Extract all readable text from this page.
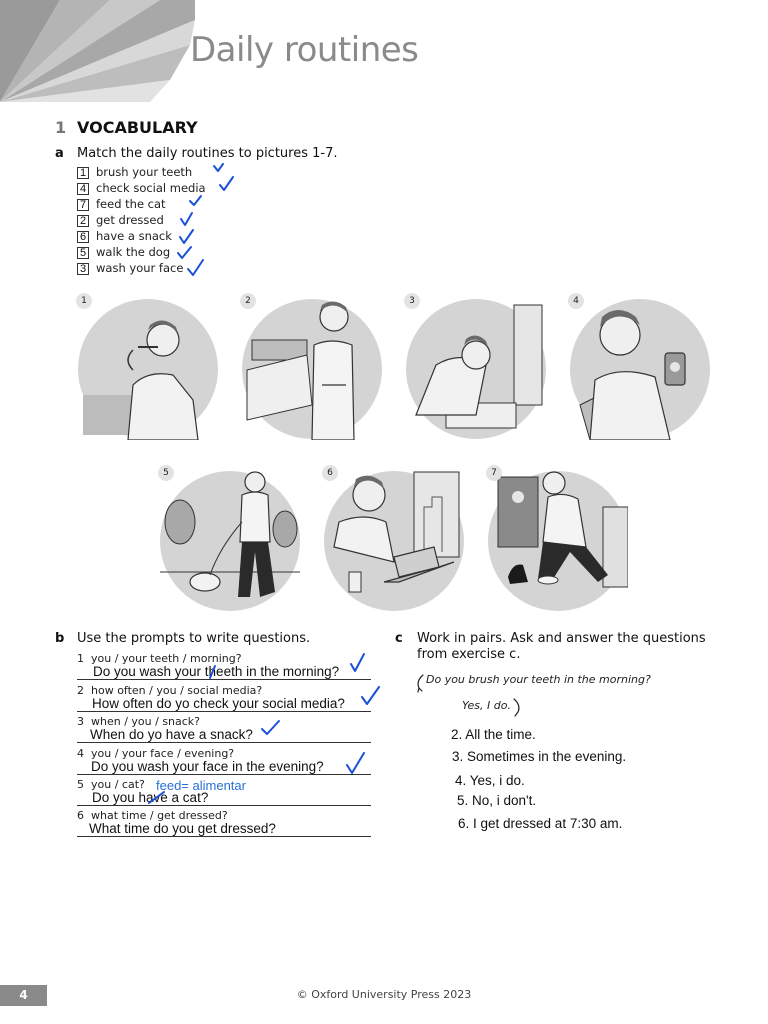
Daily routines
1 VOCABULARY
a Match the daily routines to pictures 1-7.
1 brush your teeth
4 check social media
7 feed the cat
2 get dressed
6 have a snack
5 walk the dog
3 wash your face
1	2	3	4
5	6	7
b Use the prompts to write questions.
1 you / your teeth / morning?
Do you wash your theeth in the morning?
2 how often / you / social media?
How often do yo check your social media?
3 when / you / snack?
When do yo have a snack?
4 you / your face / evening?
Do you wash your face in the evening?
5 you / cat?
Do you have a cat?
6 what time / get dressed?
What time do you get dressed?
feed= alimentar
c Work in pairs. Ask and answer the questions
from exercise c.
Do you brush your teeth in the morning?
Yes, I do.
2. All the time.
3. Sometimes in the evening.
4. Yes, i do.
5. No, i don't.
6. I get dressed at 7:30 am.
4	© Oxford University Press 2023
